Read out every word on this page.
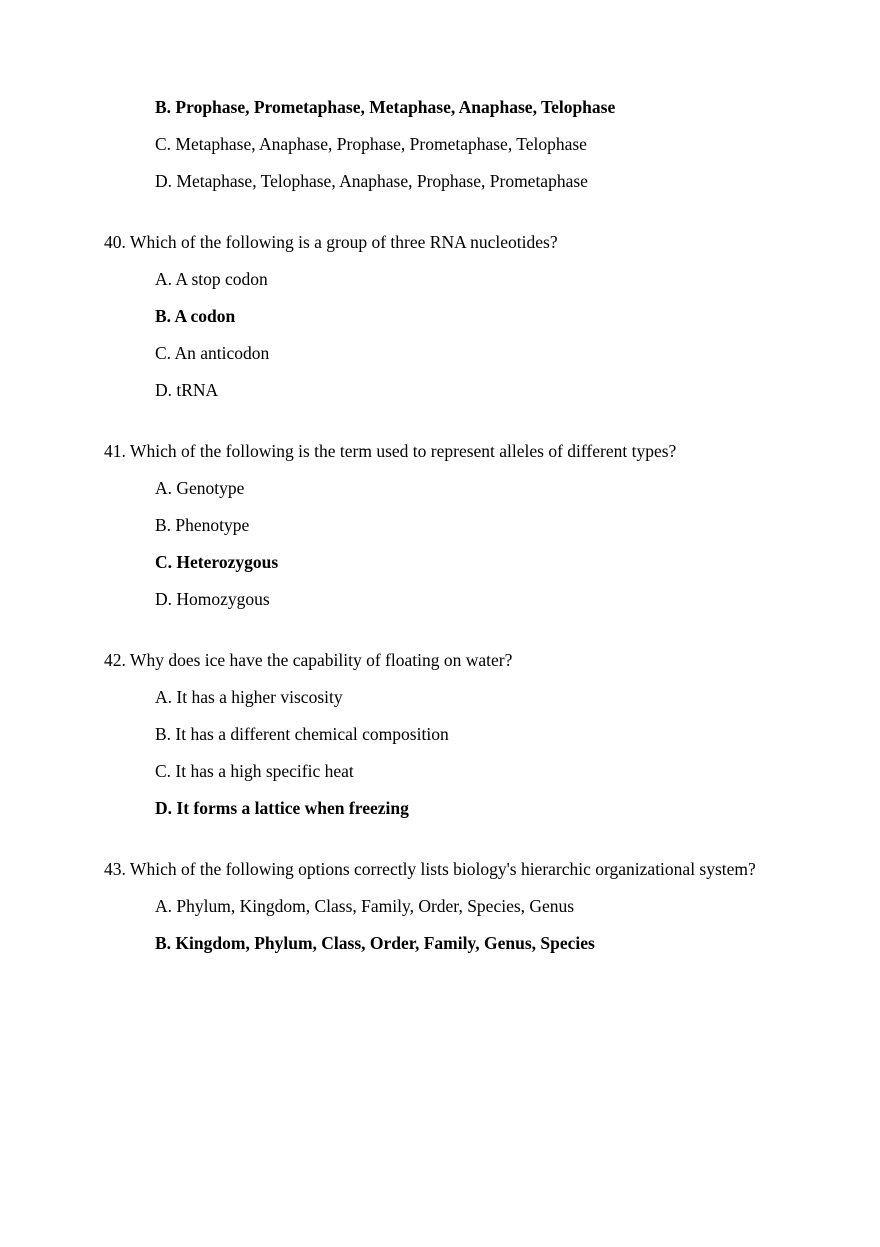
B. Prophase, Prometaphase, Metaphase, Anaphase, Telophase

C. Metaphase, Anaphase, Prophase, Prometaphase, Telophase

D. Metaphase, Telophase, Anaphase, Prophase, Prometaphase

40. Which of the following is a group of three RNA nucleotides?

A. A stop codon

B. A codon

C. An anticodon

D. tRNA

41. Which of the following is the term used to represent alleles of different types?

A. Genotype

B. Phenotype

C. Heterozygous

D. Homozygous

42. Why does ice have the capability of floating on water?

A. It has a higher viscosity

B. It has a different chemical composition

C. It has a high specific heat

D. It forms a lattice when freezing

43. Which of the following options correctly lists biology's hierarchic organizational system?

A. Phylum, Kingdom, Class, Family, Order, Species, Genus

B. Kingdom, Phylum, Class, Order, Family, Genus, Species
